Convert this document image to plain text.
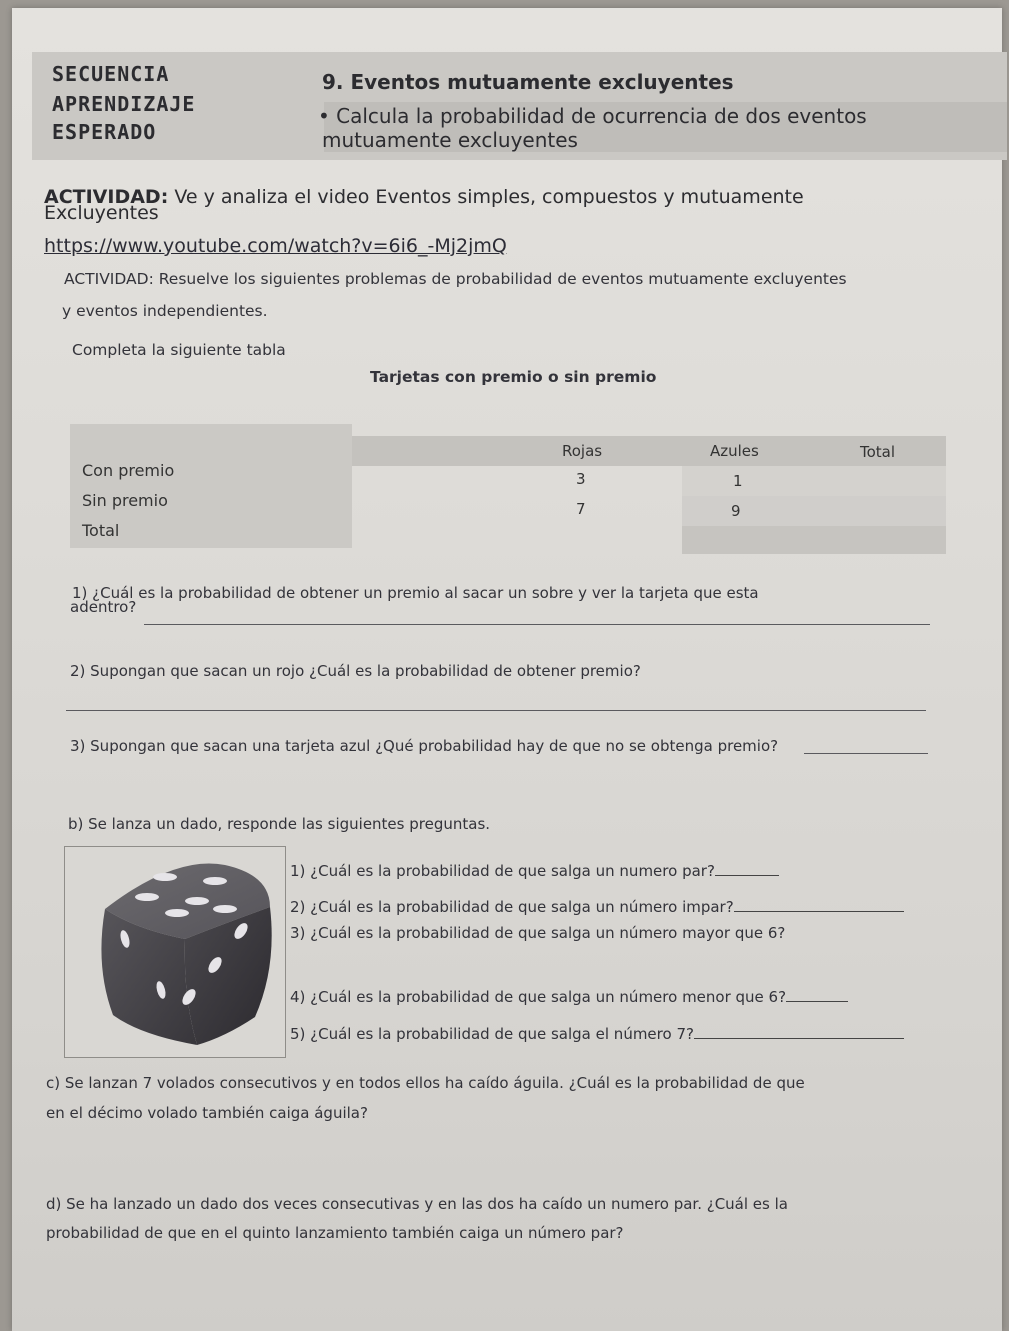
SECUENCIA
APRENDIZAJE
ESPERADO
9. Eventos mutuamente excluyentes
• Calcula la probabilidad de ocurrencia de dos eventos
mutuamente excluyentes
ACTIVIDAD: Ve y analiza el video Eventos simples, compuestos y mutuamente
Excluyentes
https://www.youtube.com/watch?v=6i6_-Mj2jmQ
ACTIVIDAD: Resuelve los siguientes problemas de probabilidad de eventos mutuamente excluyentes
y eventos independientes.
Completa la siguiente tabla
Tarjetas con premio o sin premio
Rojas	Azules	Total
Con premio
Sin premio
Total
3
7
1
9
1) ¿Cuál es la probabilidad de obtener un premio al sacar un sobre y ver la tarjeta que esta
adentro?
2) Supongan que sacan un rojo ¿Cuál es la probabilidad de obtener premio?
3) Supongan que sacan una tarjeta azul ¿Qué probabilidad hay de que no se obtenga premio?
b) Se lanza un dado, responde las siguientes preguntas.
1) ¿Cuál es la probabilidad de que salga un numero par?
2) ¿Cuál es la probabilidad de que salga un número impar?
3) ¿Cuál es la probabilidad de que salga un número mayor que 6?
4) ¿Cuál es la probabilidad de que salga un número menor que 6?
5) ¿Cuál es la probabilidad de que salga el número 7?
c) Se lanzan 7 volados consecutivos y en todos ellos ha caído águila. ¿Cuál es la probabilidad de que
en el décimo volado también caiga águila?
d) Se ha lanzado un dado dos veces consecutivas y en las dos ha caído un numero par. ¿Cuál es la
probabilidad de que en el quinto lanzamiento también caiga un número par?
